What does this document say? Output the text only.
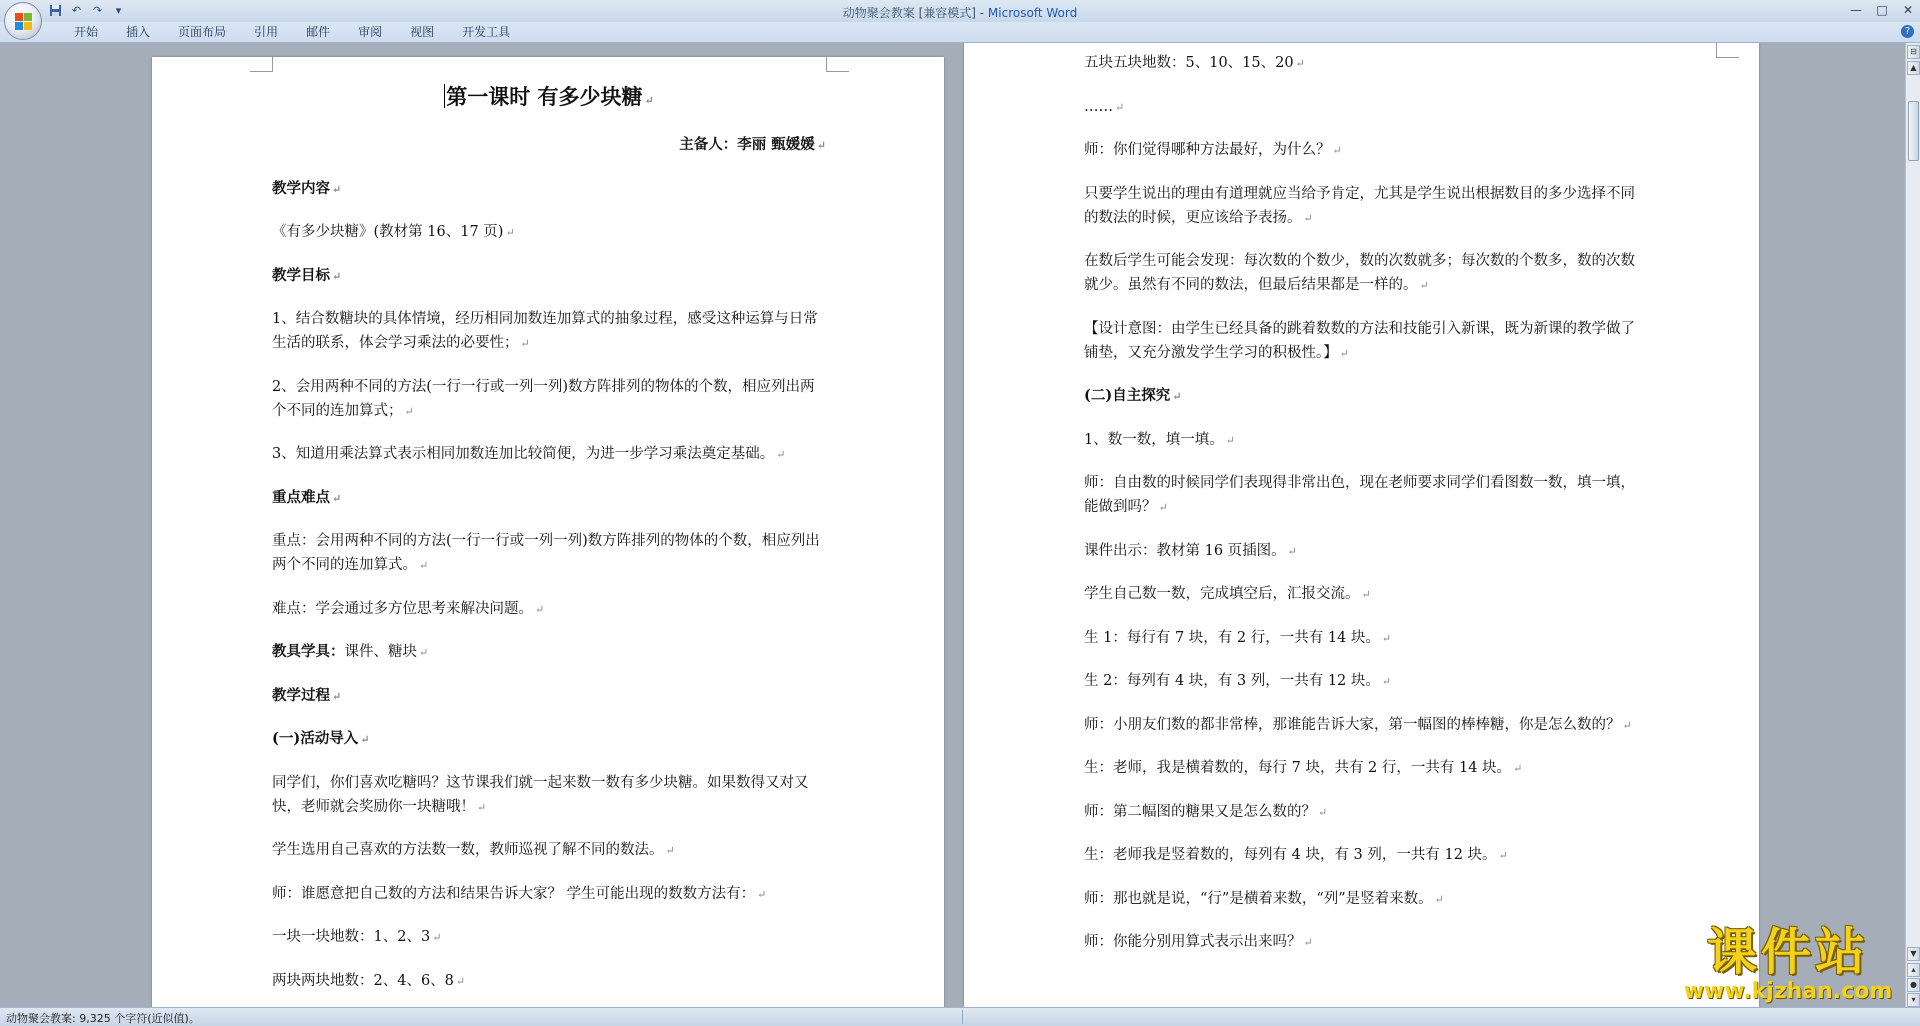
动物聚会教案 [兼容模式] - Microsoft Word
↶ ↷	▾	— □ ✕
开始	插入	页面布局	引用	邮件	审阅	视图	开发工具	?
第一课时 有多少块糖 ↵
主备人：李丽 甄媛媛 ↵
教学内容 ↵
《有多少块糖》(教材第 16、17 页) ↵
教学目标 ↵
1、结合数糖块的具体情境，经历相同加数连加算式的抽象过程，感受这种运算与日常生活的联系，体会学习乘法的必要性； ↵
2、会用两种不同的方法(一行一行或一列一列)数方阵排列的物体的个数，相应列出两个不同的连加算式； ↵
3、知道用乘法算式表示相同加数连加比较简便，为进一步学习乘法奠定基础。 ↵
重点难点 ↵
重点：会用两种不同的方法(一行一行或一列一列)数方阵排列的物体的个数，相应列出两个不同的连加算式。 ↵
难点：学会通过多方位思考来解决问题。 ↵
教具学具：课件、糖块 ↵
教学过程 ↵
(一)活动导入 ↵
同学们，你们喜欢吃糖吗？这节课我们就一起来数一数有多少块糖。如果数得又对又快，老师就会奖励你一块糖哦！ ↵
学生选用自己喜欢的方法数一数，教师巡视了解不同的数法。 ↵
师：谁愿意把自己数的方法和结果告诉大家？ 学生可能出现的数数方法有： ↵
一块一块地数：1、2、3 ↵
两块两块地数：2、4、6、8 ↵
五块五块地数：5、10、15、20 ↵
…… ↵
师：你们觉得哪种方法最好，为什么？ ↵
只要学生说出的理由有道理就应当给予肯定，尤其是学生说出根据数目的多少选择不同的数法的时候，更应该给予表扬。 ↵
在数后学生可能会发现：每次数的个数少，数的次数就多；每次数的个数多，数的次数就少。虽然有不同的数法，但最后结果都是一样的。 ↵
【设计意图：由学生已经具备的跳着数数的方法和技能引入新课，既为新课的教学做了铺垫，又充分激发学生学习的积极性。】 ↵
(二)自主探究 ↵
1、数一数，填一填。 ↵
师：自由数的时候同学们表现得非常出色，现在老师要求同学们看图数一数，填一填，能做到吗？ ↵
课件出示：教材第 16 页插图。 ↵
学生自己数一数，完成填空后，汇报交流。 ↵
生 1：每行有 7 块，有 2 行，一共有 14 块。 ↵
生 2：每列有 4 块，有 3 列，一共有 12 块。 ↵
师：小朋友们数的都非常棒，那谁能告诉大家，第一幅图的棒棒糖，你是怎么数的？ ↵
生：老师，我是横着数的，每行 7 块，共有 2 行，一共有 14 块。 ↵
师：第二幅图的糖果又是怎么数的？ ↵
生：老师我是竖着数的，每列有 4 块，有 3 列，一共有 12 块。 ↵
师：那也就是说，“行”是横着来数，“列”是竖着来数。 ↵
师：你能分别用算式表示出来吗？ ↵
⊟
▲
▼
▴
●
▾
动物聚会教案: 9,325 个字符(近似值)。
课件站
www.kjzhan.com
